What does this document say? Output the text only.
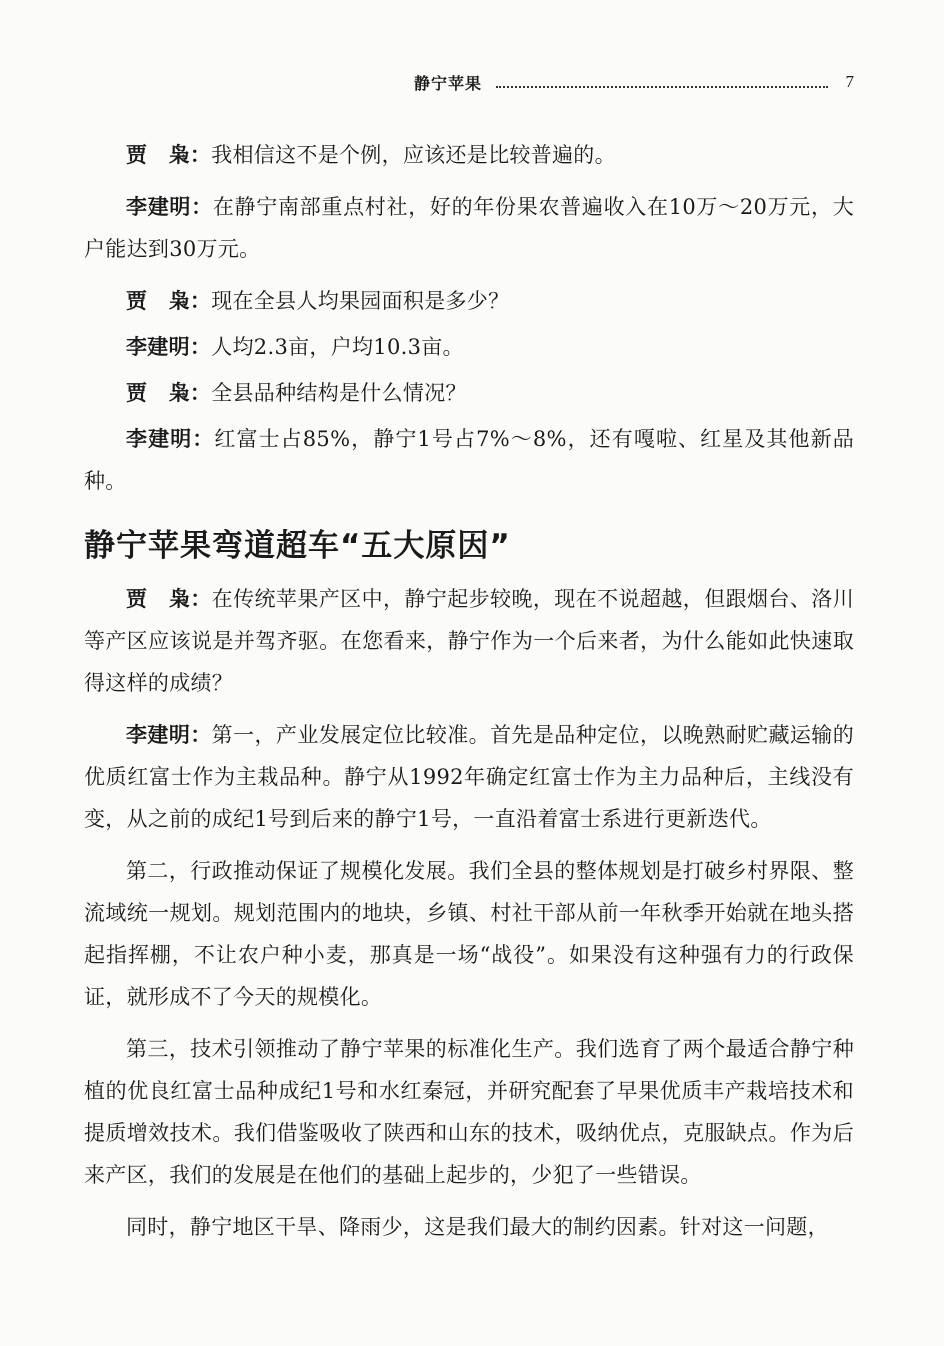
静宁苹果	7

贾　枭：我相信这不是个例，应该还是比较普遍的。

李建明：在静宁南部重点村社，好的年份果农普遍收入在10万～20万元，大户能达到30万元。

贾　枭：现在全县人均果园面积是多少？

李建明：人均2.3亩，户均10.3亩。

贾　枭：全县品种结构是什么情况？

李建明：红富士占85%，静宁1号占7%～8%，还有嘎啦、红星及其他新品种。

静宁苹果弯道超车“五大原因”

贾　枭：在传统苹果产区中，静宁起步较晚，现在不说超越，但跟烟台、洛川等产区应该说是并驾齐驱。在您看来，静宁作为一个后来者，为什么能如此快速取得这样的成绩？

李建明：第一，产业发展定位比较准。首先是品种定位，以晚熟耐贮藏运输的优质红富士作为主栽品种。静宁从1992年确定红富士作为主力品种后，主线没有变，从之前的成纪1号到后来的静宁1号，一直沿着富士系进行更新迭代。

第二，行政推动保证了规模化发展。我们全县的整体规划是打破乡村界限、整流域统一规划。规划范围内的地块，乡镇、村社干部从前一年秋季开始就在地头搭起指挥棚，不让农户种小麦，那真是一场“战役”。如果没有这种强有力的行政保证，就形成不了今天的规模化。

第三，技术引领推动了静宁苹果的标准化生产。我们选育了两个最适合静宁种植的优良红富士品种成纪1号和水红秦冠，并研究配套了早果优质丰产栽培技术和提质增效技术。我们借鉴吸收了陕西和山东的技术，吸纳优点，克服缺点。作为后来产区，我们的发展是在他们的基础上起步的，少犯了一些错误。

同时，静宁地区干旱、降雨少，这是我们最大的制约因素。针对这一问题，
